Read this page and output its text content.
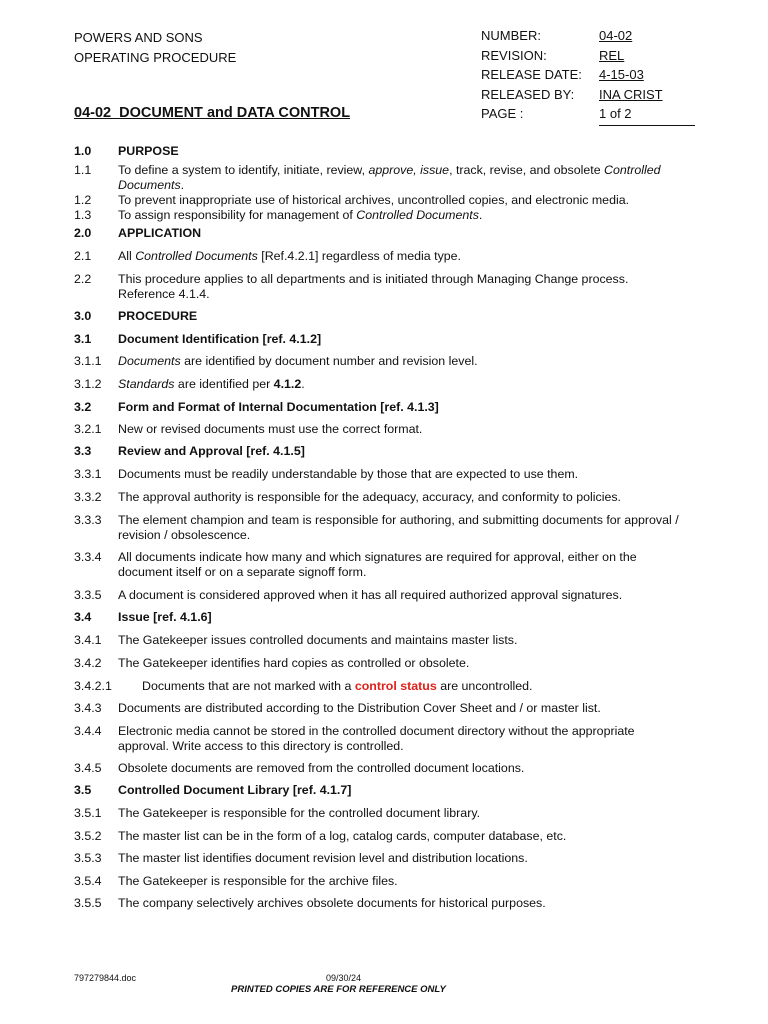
POWERS AND SONS
OPERATING PROCEDURE
04-02  DOCUMENT and DATA CONTROL
NUMBER:	04-02
REVISION:	REL
RELEASE DATE: 4-15-03
RELEASED BY: INA CRIST
PAGE :	1 of 2
1.0 PURPOSE
1.1 To define a system to identify, initiate, review, approve, issue, track, revise, and obsolete Controlled
Documents.
1.2 To prevent inappropriate use of historical archives, uncontrolled copies, and electronic media.
1.3 To assign responsibility for management of Controlled Documents.
2.0 APPLICATION
2.1 All Controlled Documents [Ref.4.2.1] regardless of media type.
2.2 This procedure applies to all departments and is initiated through Managing Change process.
Reference 4.1.4.
3.0 PROCEDURE
3.1 Document Identification [ref. 4.1.2]
3.1.1 Documents are identified by document number and revision level.
3.1.2 Standards are identified per 4.1.2.
3.2 Form and Format of Internal Documentation [ref. 4.1.3]
3.2.1 New or revised documents must use the correct format.
3.3 Review and Approval [ref. 4.1.5]
3.3.1 Documents must be readily understandable by those that are expected to use them.
3.3.2 The approval authority is responsible for the adequacy, accuracy, and conformity to policies.
3.3.3 The element champion and team is responsible for authoring, and submitting documents for approval /
revision / obsolescence.
3.3.4 All documents indicate how many and which signatures are required for approval, either on the
document itself or on a separate signoff form.
3.3.5 A document is considered approved when it has all required authorized approval signatures.
3.4 Issue [ref. 4.1.6]
3.4.1 The Gatekeeper issues controlled documents and maintains master lists.
3.4.2 The Gatekeeper identifies hard copies as controlled or obsolete.
3.4.2.1 Documents that are not marked with a control status are uncontrolled.
3.4.3 Documents are distributed according to the Distribution Cover Sheet and / or master list.
3.4.4 Electronic media cannot be stored in the controlled document directory without the appropriate
approval. Write access to this directory is controlled.
3.4.5 Obsolete documents are removed from the controlled document locations.
3.5 Controlled Document Library [ref. 4.1.7]
3.5.1 The Gatekeeper is responsible for the controlled document library.
3.5.2 The master list can be in the form of a log, catalog cards, computer database, etc.
3.5.3 The master list identifies document revision level and distribution locations.
3.5.4 The Gatekeeper is responsible for the archive files.
3.5.5 The company selectively archives obsolete documents for historical purposes.
797279844.doc	09/30/24
PRINTED COPIES ARE FOR REFERENCE ONLY
